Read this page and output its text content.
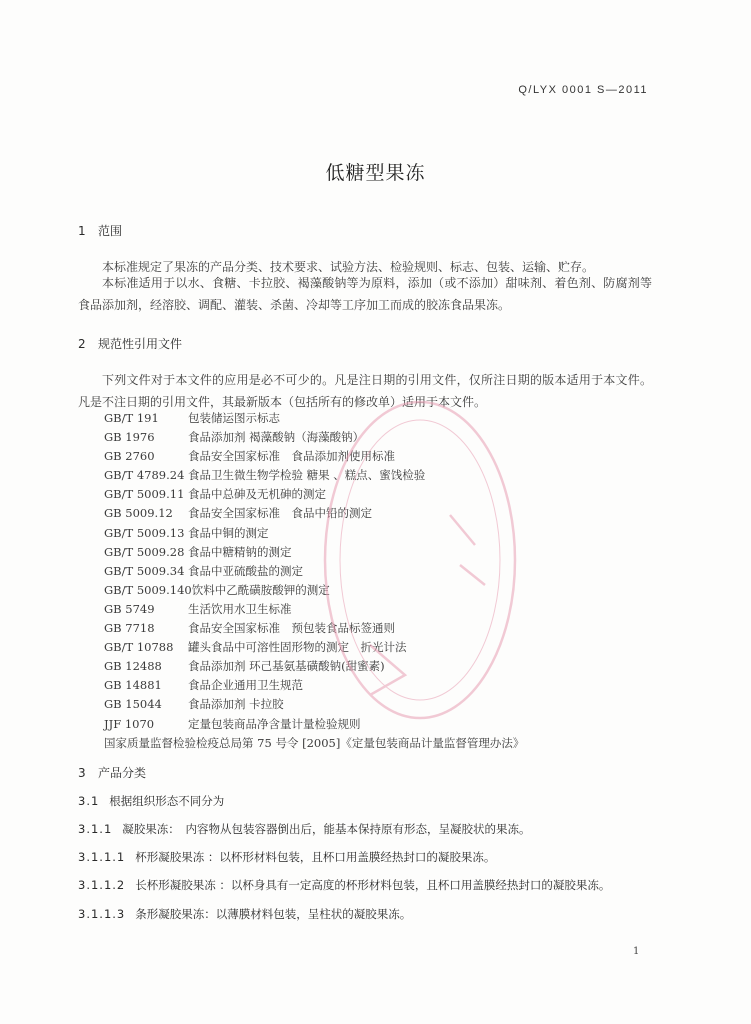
Q/LYX 0001 S—2011
低糖型果冻
1 范围
本标准规定了果冻的产品分类、技术要求、试验方法、检验规则、标志、包装、运输、贮存。
本标准适用于以水、食糖、卡拉胶、褐藻酸钠等为原料，添加（或不添加）甜味剂、着色剂、防腐剂等食品添加剂，经溶胶、调配、灌装、杀菌、冷却等工序加工而成的胶冻食品果冻。
2 规范性引用文件
下列文件对于本文件的应用是必不可少的。凡是注日期的引用文件，仅所注日期的版本适用于本文件。凡是不注日期的引用文件，其最新版本（包括所有的修改单）适用于本文件。
GB/T 191	包装储运图示标志
GB 1976	食品添加剂 褐藻酸钠（海藻酸钠）
GB 2760	食品安全国家标准　食品添加剂使用标准
GB/T 4789.24 食品卫生微生物学检验 糖果 、糕点、蜜饯检验
GB/T 5009.11 食品中总砷及无机砷的测定
GB 5009.12 食品安全国家标准　食品中铅的测定
GB/T 5009.13 食品中铜的测定
GB/T 5009.28 食品中糖精钠的测定
GB/T 5009.34 食品中亚硫酸盐的测定
GB/T 5009.140饮料中乙酰磺胺酸钾的测定
GB 5749	生活饮用水卫生标准
GB 7718	食品安全国家标准　预包装食品标签通则
GB/T 10788 罐头食品中可溶性固形物的测定　折光计法
GB 12488 食品添加剂 环己基氨基磺酸钠(甜蜜素)
GB 14881 食品企业通用卫生规范
GB 15044 食品添加剂 卡拉胶
JJF 1070	定量包装商品净含量计量检验规则
国家质量监督检验检疫总局第 75 号令 [2005]《定量包装商品计量监督管理办法》
3 产品分类
3.1 根据组织形态不同分为
3.1.1 凝胶果冻：　内容物从包装容器倒出后，能基本保持原有形态，呈凝胶状的果冻。
3.1.1.1 杯形凝胶果冻 ：以杯形材料包装，且杯口用盖膜经热封口的凝胶果冻。
3.1.1.2 长杯形凝胶果冻 ：以杯身具有一定高度的杯形材料包装，且杯口用盖膜经热封口的凝胶果冻。
3.1.1.3 条形凝胶果冻：以薄膜材料包装，呈柱状的凝胶果冻。
1
